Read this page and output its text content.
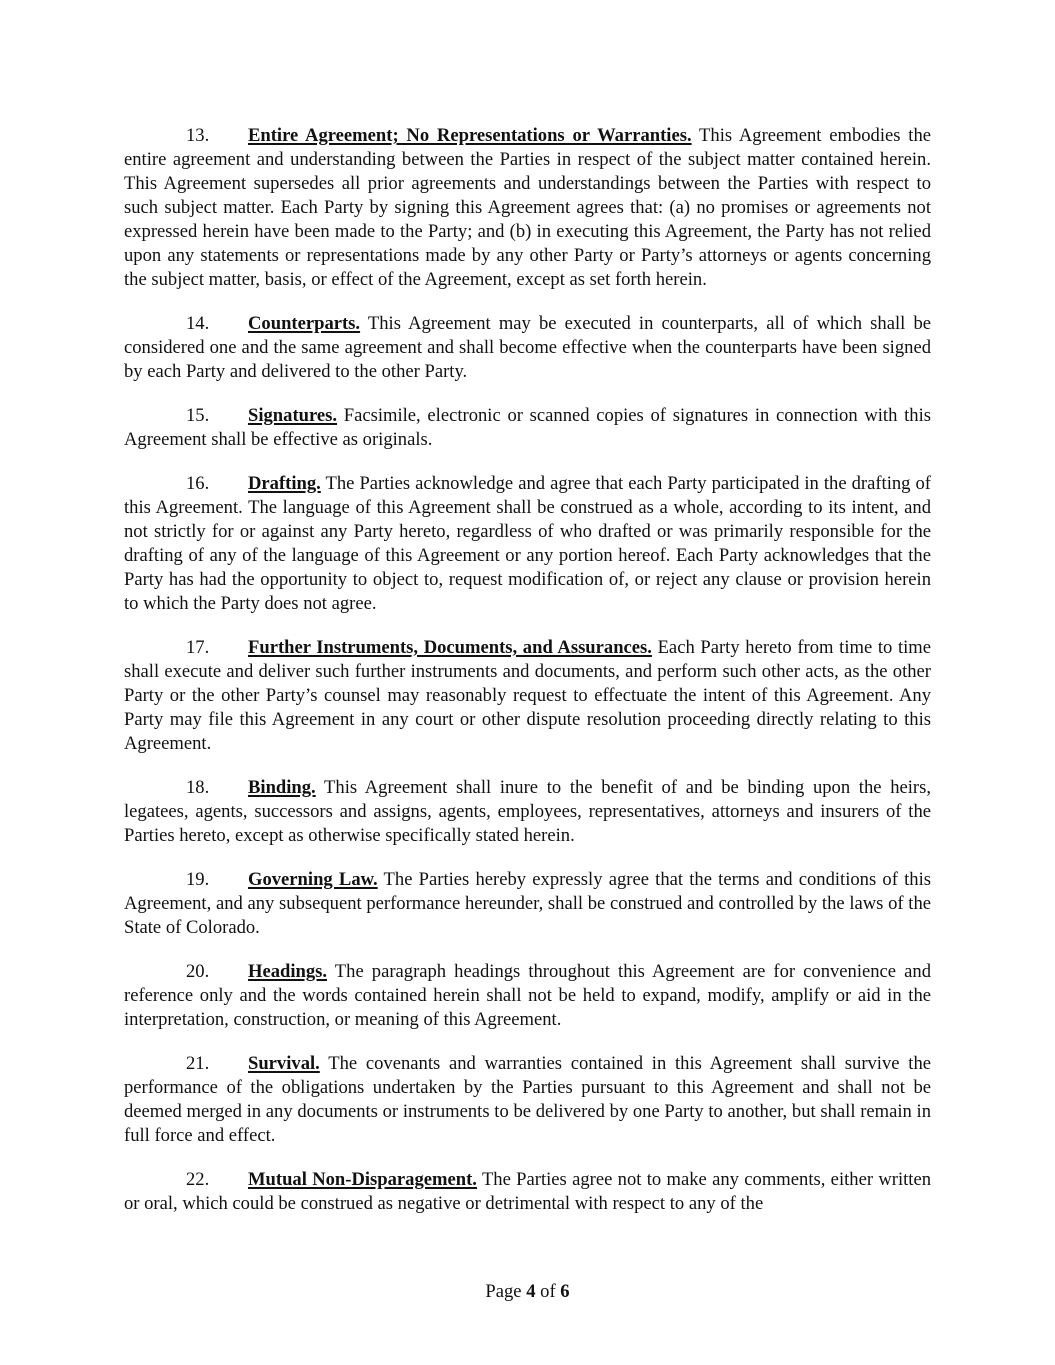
13. Entire Agreement; No Representations or Warranties. This Agreement embodies the entire agreement and understanding between the Parties in respect of the subject matter contained herein. This Agreement supersedes all prior agreements and understandings between the Parties with respect to such subject matter. Each Party by signing this Agreement agrees that: (a) no promises or agreements not expressed herein have been made to the Party; and (b) in executing this Agreement, the Party has not relied upon any statements or representations made by any other Party or Party’s attorneys or agents concerning the subject matter, basis, or effect of the Agreement, except as set forth herein.

14. Counterparts. This Agreement may be executed in counterparts, all of which shall be considered one and the same agreement and shall become effective when the counterparts have been signed by each Party and delivered to the other Party.

15. Signatures. Facsimile, electronic or scanned copies of signatures in connection with this Agreement shall be effective as originals.

16. Drafting. The Parties acknowledge and agree that each Party participated in the drafting of this Agreement. The language of this Agreement shall be construed as a whole, according to its intent, and not strictly for or against any Party hereto, regardless of who drafted or was primarily responsible for the drafting of any of the language of this Agreement or any portion hereof. Each Party acknowledges that the Party has had the opportunity to object to, request modification of, or reject any clause or provision herein to which the Party does not agree.

17. Further Instruments, Documents, and Assurances. Each Party hereto from time to time shall execute and deliver such further instruments and documents, and perform such other acts, as the other Party or the other Party’s counsel may reasonably request to effectuate the intent of this Agreement. Any Party may file this Agreement in any court or other dispute resolution proceeding directly relating to this Agreement.

18. Binding. This Agreement shall inure to the benefit of and be binding upon the heirs, legatees, agents, successors and assigns, agents, employees, representatives, attorneys and insurers of the Parties hereto, except as otherwise specifically stated herein.

19. Governing Law. The Parties hereby expressly agree that the terms and conditions of this Agreement, and any subsequent performance hereunder, shall be construed and controlled by the laws of the State of Colorado.

20. Headings. The paragraph headings throughout this Agreement are for convenience and reference only and the words contained herein shall not be held to expand, modify, amplify or aid in the interpretation, construction, or meaning of this Agreement.

21. Survival. The covenants and warranties contained in this Agreement shall survive the performance of the obligations undertaken by the Parties pursuant to this Agreement and shall not be deemed merged in any documents or instruments to be delivered by one Party to another, but shall remain in full force and effect.

22. Mutual Non-Disparagement. The Parties agree not to make any comments, either written or oral, which could be construed as negative or detrimental with respect to any of the

Page 4 of 6
